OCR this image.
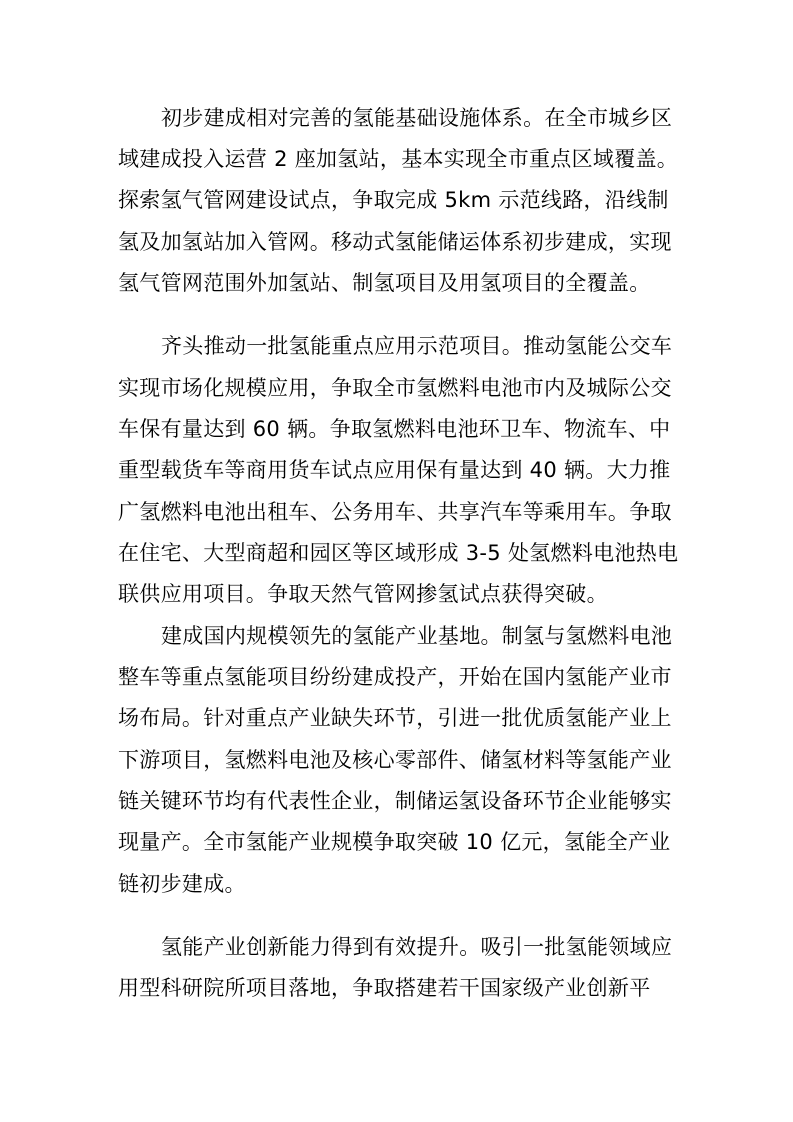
初步建成相对完善的氢能基础设施体系。在全市城乡区

域建成投入运营 2 座加氢站，基本实现全市重点区域覆盖。

探索氢气管网建设试点，争取完成 5km 示范线路，沿线制

氢及加氢站加入管网。移动式氢能储运体系初步建成，实现

氢气管网范围外加氢站、制氢项目及用氢项目的全覆盖。

齐头推动一批氢能重点应用示范项目。推动氢能公交车

实现市场化规模应用，争取全市氢燃料电池市内及城际公交

车保有量达到 60 辆。争取氢燃料电池环卫车、物流车、中

重型载货车等商用货车试点应用保有量达到 40 辆。大力推

广氢燃料电池出租车、公务用车、共享汽车等乘用车。争取

在住宅、大型商超和园区等区域形成 3-5 处氢燃料电池热电

联供应用项目。争取天然气管网掺氢试点获得突破。

建成国内规模领先的氢能产业基地。制氢与氢燃料电池

整车等重点氢能项目纷纷建成投产，开始在国内氢能产业市

场布局。针对重点产业缺失环节，引进一批优质氢能产业上

下游项目，氢燃料电池及核心零部件、储氢材料等氢能产业

链关键环节均有代表性企业，制储运氢设备环节企业能够实

现量产。全市氢能产业规模争取突破 10 亿元，氢能全产业

链初步建成。

氢能产业创新能力得到有效提升。吸引一批氢能领域应

用型科研院所项目落地，争取搭建若干国家级产业创新平
